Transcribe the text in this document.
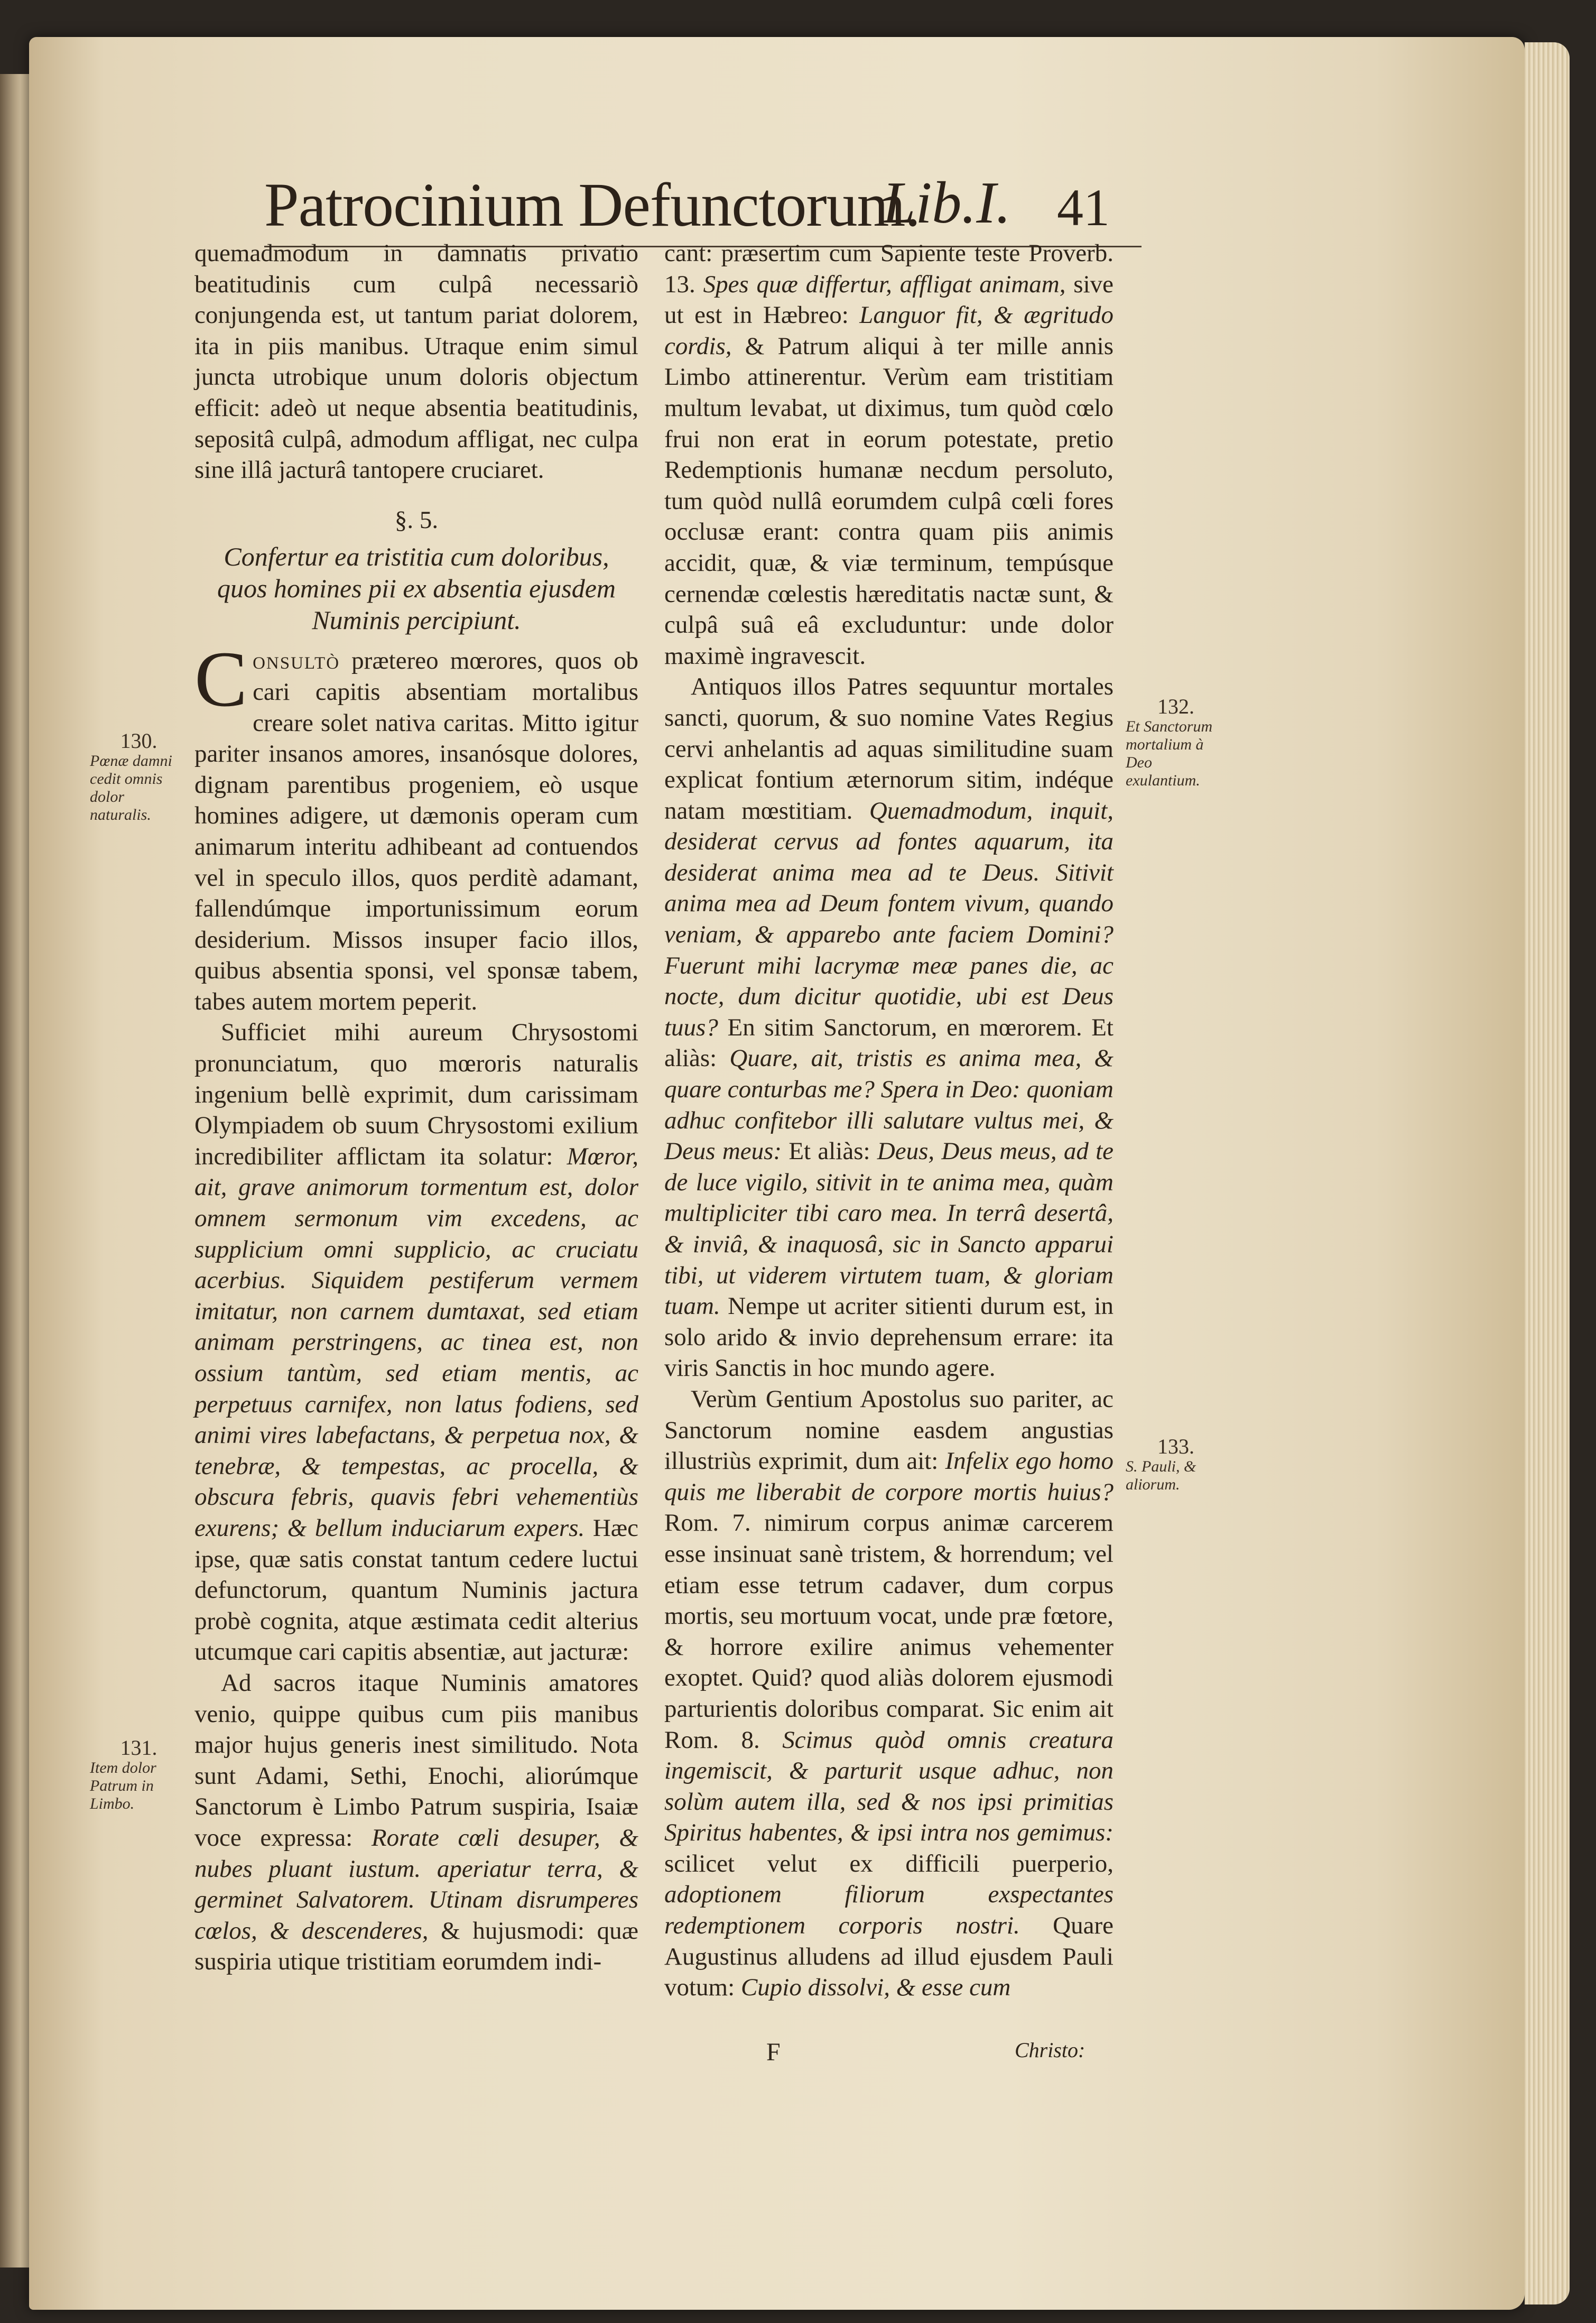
Patrocinium Defunctorum.
Lib.I. 41

quemadmodum in damnatis privatio beatitudinis cum culpâ necessariò conjungenda est, ut tantum pariat dolorem, ita in piis manibus. Utraque enim simul juncta utrobique unum doloris objectum efficit: adeò ut neque absentia beatitudinis, sepositâ culpâ, admodum affligat, nec culpa sine illâ jacturâ tantopere cruciaret.

§. 5.
Confertur ea tristitia cum doloribus, quos homines pii ex absentia ejusdem Numinis percipiunt.

Consultò prætereo mœrores, quos ob cari capitis absentiam mortalibus creare solet nativa caritas. Mitto igitur pariter insanos amores, insanósque dolores, dignam parentibus progeniem, eò usque homines adigere, ut dæmonis operam cum animarum interitu adhibeant ad contuendos vel in speculo illos, quos perditè adamant, fallendúmque importunissimum eorum desiderium. Missos insuper facio illos, quibus absentia sponsi, vel sponsæ tabem, tabes autem mortem peperit.

Sufficiet mihi aureum Chrysostomi pronunciatum, quo mœroris naturalis ingenium bellè exprimit, dum carissimam Olympiadem ob suum Chrysostomi exilium incredibiliter afflictam ita solatur: Mœror, ait, grave animorum tormentum est, dolor omnem sermonum vim excedens, ac supplicium omni supplicio, ac cruciatu acerbius. Siquidem pestiferum vermem imitatur, non carnem dumtaxat, sed etiam animam perstringens, ac tinea est, non ossium tantùm, sed etiam mentis, ac perpetuus carnifex, non latus fodiens, sed animi vires labefactans, & perpetua nox, & tenebræ, & tempestas, ac procella, & obscura febris, quavis febri vehementiùs exurens; & bellum induciarum expers. Hæc ipse, quæ satis constat tantum cedere luctui defunctorum, quantum Numinis jactura probè cognita, atque æstimata cedit alterius utcumque cari capitis absentiæ, aut jacturæ:

Ad sacros itaque Numinis amatores venio, quippe quibus cum piis manibus major hujus generis inest similitudo. Nota sunt Adami, Sethi, Enochi, aliorúmque Sanctorum è Limbo Patrum suspiria, Isaiæ voce expressa: Rorate cœli desuper, & nubes pluant iustum. aperiatur terra, & germinet Salvatorem. Utinam disrumperes cœlos, & descenderes, & hujusmodi: quæ suspiria utique tristitiam eorumdem indi-

cant: præsertim cum Sapiente teste Proverb. 13. Spes quæ differtur, affligat animam, sive ut est in Hæbreo: Languor fit, & ægritudo cordis, & Patrum aliqui à ter mille annis Limbo attinerentur. Verùm eam tristitiam multum levabat, ut diximus, tum quòd cœlo frui non erat in eorum potestate, pretio Redemptionis humanæ necdum persoluto, tum quòd nullâ eorumdem culpâ cœli fores occlusæ erant: contra quam piis animis accidit, quæ, & viæ terminum, tempúsque cernendæ cœlestis hæreditatis nactæ sunt, & culpâ suâ eâ excluduntur: unde dolor maximè ingravescit.

Antiquos illos Patres sequuntur mortales sancti, quorum, & suo nomine Vates Regius cervi anhelantis ad aquas similitudine suam explicat fontium æternorum sitim, indéque natam mœstitiam. Quemadmodum, inquit, desiderat cervus ad fontes aquarum, ita desiderat anima mea ad te Deus. Sitivit anima mea ad Deum fontem vivum, quando veniam, & apparebo ante faciem Domini? Fuerunt mihi lacrymæ meæ panes die, ac nocte, dum dicitur quotidie, ubi est Deus tuus? En sitim Sanctorum, en mœrorem. Et aliàs: Quare, ait, tristis es anima mea, & quare conturbas me? Spera in Deo: quoniam adhuc confitebor illi salutare vultus mei, & Deus meus: Et aliàs: Deus, Deus meus, ad te de luce vigilo, sitivit in te anima mea, quàm multipliciter tibi caro mea. In terrâ desertâ, & inviâ, & inaquosâ, sic in Sancto apparui tibi, ut viderem virtutem tuam, & gloriam tuam. Nempe ut acriter sitienti durum est, in solo arido & invio deprehensum errare: ita viris Sanctis in hoc mundo agere.

Verùm Gentium Apostolus suo pariter, ac Sanctorum nomine easdem angustias illustriùs exprimit, dum ait: Infelix ego homo quis me liberabit de corpore mortis huius? Rom. 7. nimirum corpus animæ carcerem esse insinuat sanè tristem, & horrendum; vel etiam esse tetrum cadaver, dum corpus mortis, seu mortuum vocat, unde præ fœtore, & horrore exilire animus vehementer exoptet. Quid? quod aliàs dolorem ejusmodi parturientis doloribus comparat. Sic enim ait Rom. 8. Scimus quòd omnis creatura ingemiscit, & parturit usque adhuc, non solùm autem illa, sed & nos ipsi primitias Spiritus habentes, & ipsi intra nos gemimus: scilicet velut ex difficili puerperio, adoptionem filiorum exspectantes redemptionem corporis nostri. Quare Augustinus alludens ad illud ejusdem Pauli votum: Cupio dissolvi, & esse cum

130.
Pœnæ damni cedit omnis dolor naturalis.
131.
Item dolor Patrum in Limbo.
132.
Et Sanctorum mortalium à Deo exulantium.
133.
S. Pauli, & aliorum.
F	Christo:
